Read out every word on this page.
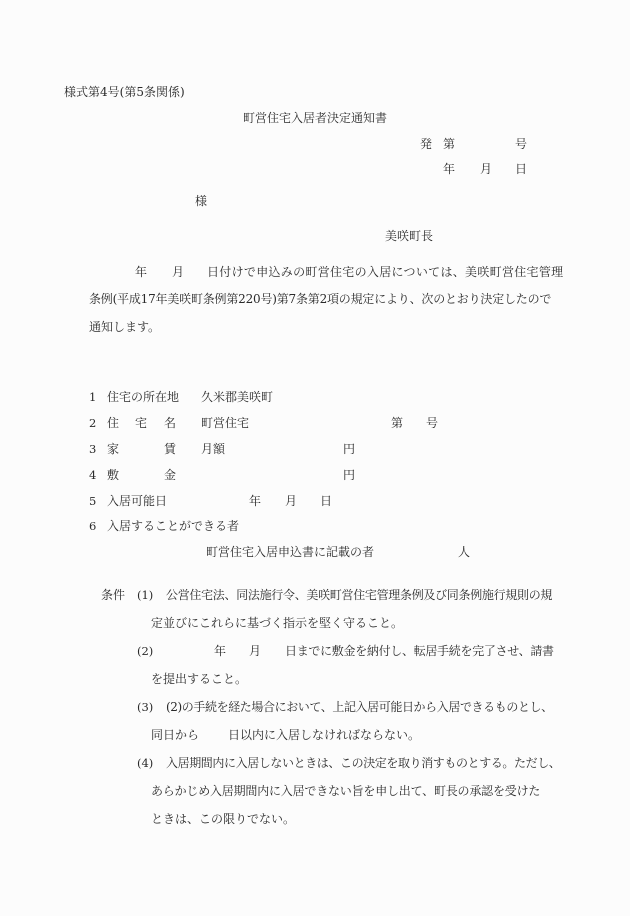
様式第4号(第5条関係)
町営住宅入居者決定通知書
発 第	号
年 月 日
様
美咲町長
年 月 日付けで申込みの町営住宅の入居については、美咲町営住宅管理
条例(平成17年美咲町条例第220号)第7条第2項の規定により、次のとおり決定したので
通知します。
1 住宅の所在地 久米郡美咲町
2 住 宅 名 町営住宅	第 号
3 家	賃 月額	円
4 敷	金	円
5 入居可能日	年 月 日
6 入居することができる者
町営住宅入居申込書に記載の者	人
条件 (1) 公営住宅法、同法施行令、美咲町営住宅管理条例及び同条例施行規則の規
定並びにこれらに基づく指示を堅く守ること。
(2)	年 月 日までに敷金を納付し、転居手続を完了させ、請書
を提出すること。
(3) (2)の手続を経た場合において、上記入居可能日から入居できるものとし、
同日から 日以内に入居しなければならない。
(4) 入居期間内に入居しないときは、この決定を取り消すものとする。ただし、
あらかじめ入居期間内に入居できない旨を申し出て、町長の承認を受けた
ときは、この限りでない。
